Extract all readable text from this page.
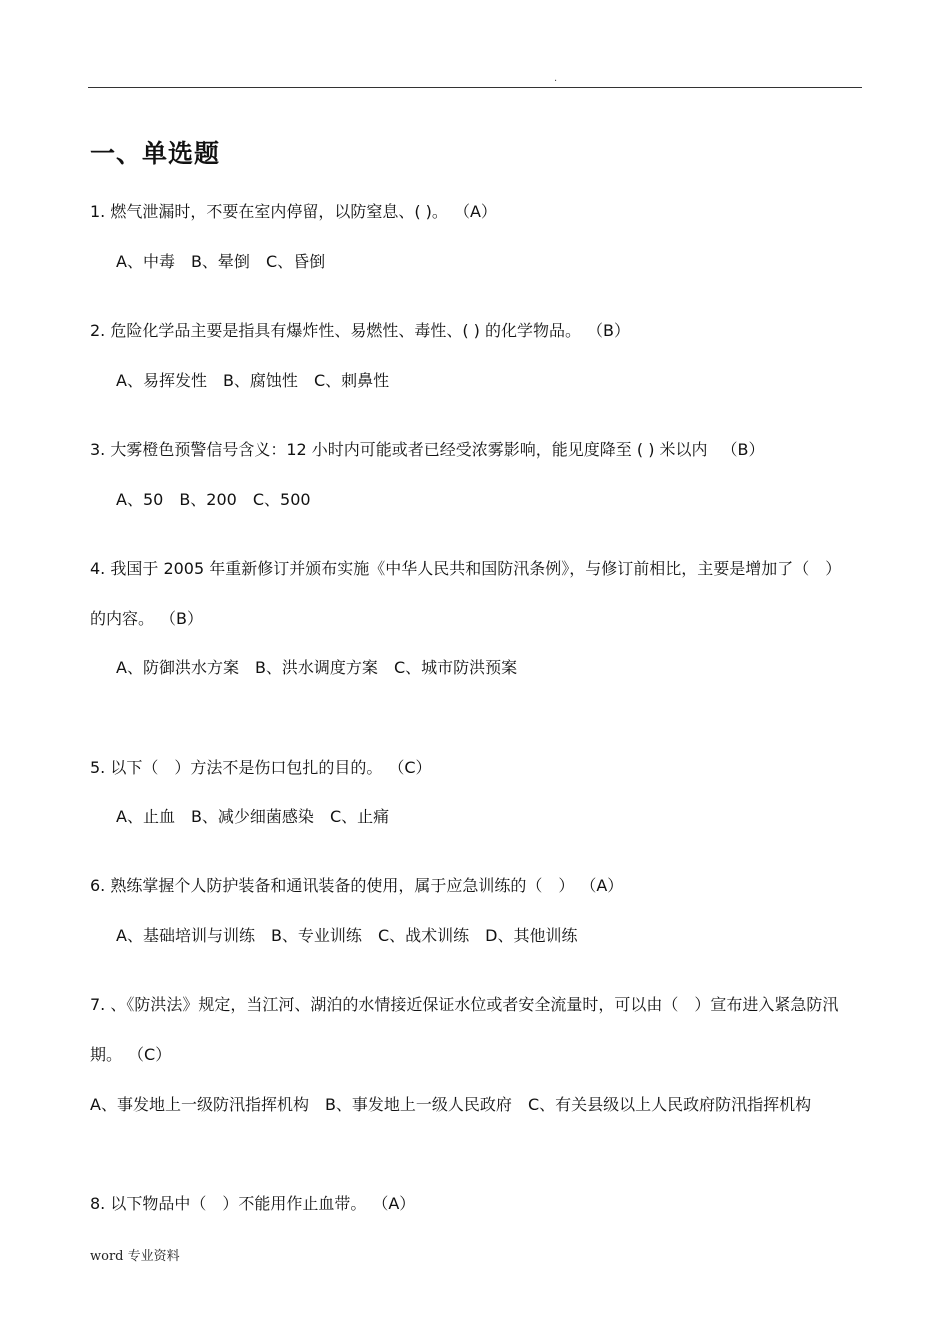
.
一、单选题
1. 燃气泄漏时，不要在室内停留，以防窒息、( )。 （A）
A、中毒 B、晕倒 C、昏倒
2. 危险化学品主要是指具有爆炸性、易燃性、毒性、( ) 的化学物品。 （B）
A、易挥发性 B、腐蚀性 C、刺鼻性
3. 大雾橙色预警信号含义：12 小时内可能或者已经受浓雾影响，能见度降至 ( ) 米以内 （B）
A、50 B、200 C、500
4. 我国于 2005 年重新修订并颁布实施《中华人民共和国防汛条例》，与修订前相比，主要是增加了（　）
的内容。 （B）
A、防御洪水方案 B、洪水调度方案 C、城市防洪预案
5. 以下（　）方法不是伤口包扎的目的。 （C）
A、止血 B、减少细菌感染 C、止痛
6. 熟练掌握个人防护装备和通讯装备的使用，属于应急训练的（　） （A）
A、基础培训与训练 B、专业训练 C、战术训练 D、其他训练
7. 、《防洪法》规定，当江河、湖泊的水情接近保证水位或者安全流量时，可以由（　）宣布进入紧急防汛
期。 （C）
A、事发地上一级防汛指挥机构 B、事发地上一级人民政府 C、有关县级以上人民政府防汛指挥机构
8. 以下物品中（　）不能用作止血带。 （A）
word 专业资料
